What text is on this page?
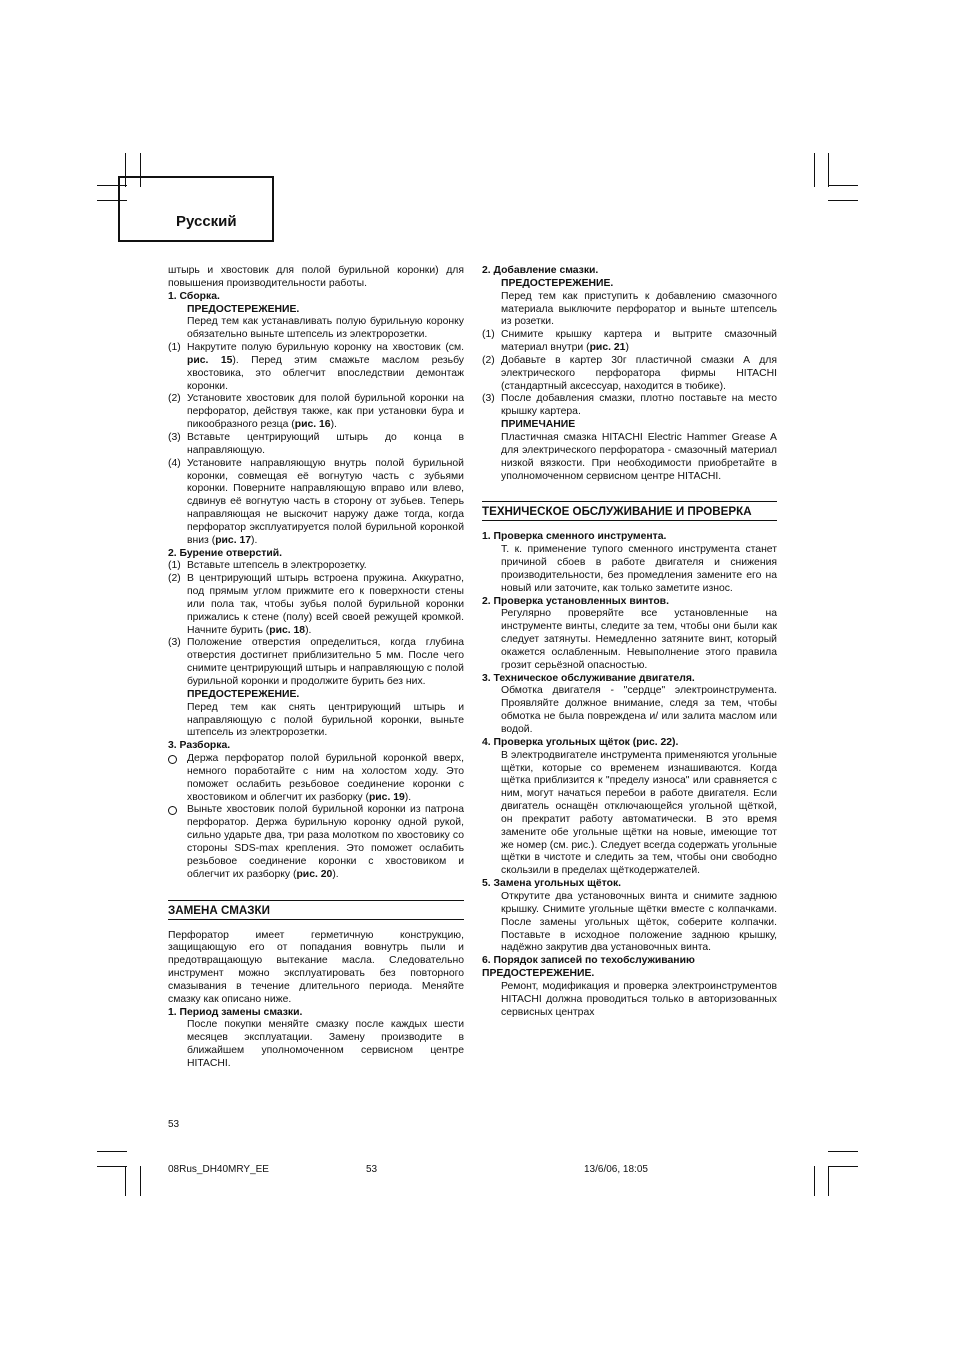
Русский
штырь и хвостовик для полой бурильной коронки) для повышения производительности работы.
1. Сборка.
ПРЕДОСТЕРЕЖЕНИЕ.
Перед тем как устанавливать полую бурильную коронку обязательно выньте штепсель из электророзетки.
(1) Накрутите полую бурильную коронку на хвостовик (см. рис. 15). Перед этим смажьте маслом резьбу хвостовика, это облегчит впоследствии демонтаж коронки.
(2) Установите хвостовик для полой бурильной коронки на перфоратор, действуя также, как при установки бура и пикообразного резца (рис. 16).
(3) Вставьте центрирующий штырь до конца в направляющую.
(4) Установите направляющую внутрь полой бурильной коронки, совмещая её вогнутую часть с зубьями коронки. Поверните направляющую вправо или влево, сдвинув её вогнутую часть в сторону от зубьев. Теперь направляющая не выскочит наружу даже тогда, когда перфоратор эксплуатируется полой бурильной коронкой вниз (рис. 17).
2. Бурение отверстий.
(1) Вставьте штепсель в электророзетку.
(2) В центрирующий штырь встроена пружина. Аккуратно, под прямым углом прижмите его к поверхности стены или пола так, чтобы зубья полой бурильной коронки прижались к стене (полу) всей своей режущей кромкой. Начните бурить (рис. 18).
(3) Положение отверстия определиться, когда глубина отверстия достигнет приблизительно 5 мм. После чего снимите центрирующий штырь и направляющую с полой бурильной коронки и продолжите бурить без них.
ПРЕДОСТЕРЕЖЕНИЕ.
Перед тем как снять центрирующий штырь и направляющую с полой бурильной коронки, выньте штепсель из электророзетки.
3. Разборка.
Держа перфоратор полой бурильной коронкой вверх, немного поработайте с ним на холостом ходу. Это поможет ослабить резьбовое соединение коронки с хвостовиком и облегчит их разборку (рис. 19).
Выньте хвостовик полой бурильной коронки из патрона перфоратор. Держа бурильную коронку одной рукой, сильно ударьте два, три раза молотком по хвостовику со стороны SDS-max крепления. Это поможет ослабить резьбовое соединение коронки с хвостовиком и облегчит их разборку (рис. 20).
ЗАМЕНА СМАЗКИ
Перфоратор имеет герметичную конструкцию, защищающую его от попадания вовнутрь пыли и предотвращающую вытекание масла. Следовательно инструмент можно эксплуатировать без повторного смазывания в течение длительного периода. Меняйте смазку как описано ниже.
1. Период замены смазки.
После покупки меняйте смазку после каждых шести месяцев эксплуатации. Замену производите в ближайшем уполномоченном сервисном центре HITACHI.
2. Добавление смазки.
ПРЕДОСТЕРЕЖЕНИЕ.
Перед тем как приступить к добавлению смазочного материала выключите перфоратор и выньте штепсель из розетки.
(1) Снимите крышку картера и вытрите смазочный материал внутри (рис. 21)
(2) Добавьте в картер 30г пластичной смазки А для электрического перфоратора фирмы HITACHI (стандартный аксессуар, находится в тюбике).
(3) После добавления смазки, плотно поставьте на место крышку картера.
ПРИМЕЧАНИЕ
Пластичная смазка HITACHI Electric Hammer Grease A для электрического перфоратора - смазочный материал низкой вязкости. При необходимости приобретайте в уполномоченном сервисном центре HITACHI.
ТЕХНИЧЕСКОЕ ОБСЛУЖИВАНИЕ И ПРОВЕРКА
1. Проверка сменного инструмента.
Т. к. применение тупого сменного инструмента станет причиной сбоев в работе двигателя и снижения производительности, без промедления замените его на новый или заточите, как только заметите износ.
2. Проверка установленных винтов.
Регулярно проверяйте все установленные на инструменте винты, следите за тем, чтобы они были как следует затянуты. Немедленно затяните винт, который окажется ослабленным. Невыполнение этого правила грозит серьёзной опасностью.
3. Техническое обслуживание двигателя.
Обмотка двигателя - "сердце" электроинструмента. Проявляйте должное внимание, следя за тем, чтобы обмотка не была повреждена и/ или залита маслом или водой.
4. Проверка угольных щёток (рис. 22).
В электродвигателе инструмента применяются угольные щётки, которые со временем изнашиваются. Когда щётка приблизится к "пределу износа" или сравняется с ним, могут начаться перебои в работе двигателя. Если двигатель оснащён отключающейся угольной щёткой, он прекратит работу автоматически. В это время замените обе угольные щётки на новые, имеющие тот же номер (см. рис.). Следует всегда содержать угольные щётки в чистоте и следить за тем, чтобы они свободно скользили в пределах щёткодержателей.
5. Замена угольных щёток.
Открутите два установочных винта и снимите заднюю крышку. Снимите угольные щётки вместе с колпачками. После замены угольных щёток, соберите колпачки. Поставьте в исходное положение заднюю крышку, надёжно закрутив два установочных винта.
6. Порядок записей по техобслуживанию
ПРЕДОСТЕРЕЖЕНИЕ.
Ремонт, модификация и проверка электроинструментов HITACHI должна проводиться только в авторизованных сервисных центрах
53
08Rus_DH40MRY_EE	53	13/6/06, 18:05
